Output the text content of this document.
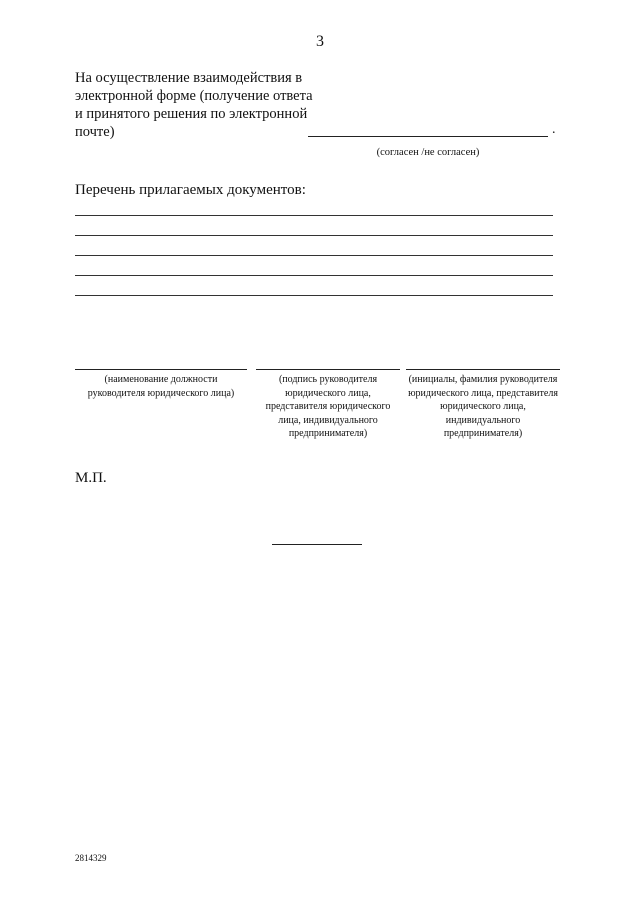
3
На осуществление взаимодействия в электронной форме (получение ответа и принятого решения по электронной почте)	.
(согласен /не согласен)
Перечень прилагаемых документов:
(наименование должности руководителя юридического лица)
(подпись руководителя юридического лица, представителя юридического лица, индивидуального предпринимателя)
(инициалы, фамилия руководителя юридического лица, представителя юридического лица, индивидуального предпринимателя)
М.П.
2814329
